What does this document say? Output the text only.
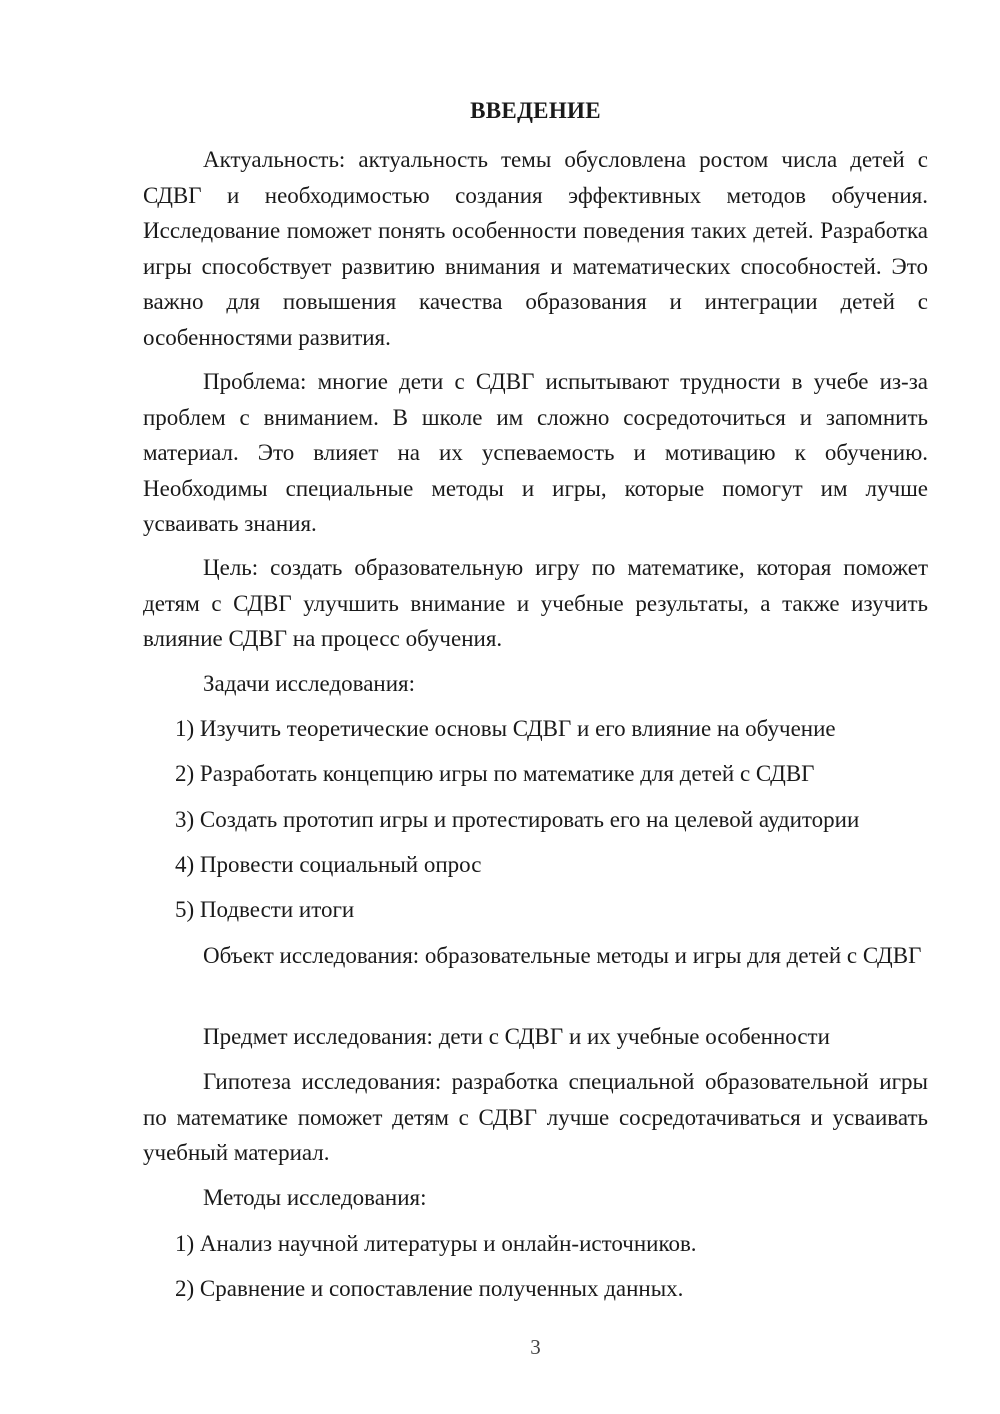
ВВЕДЕНИЕ

Актуальность: актуальность темы обусловлена ростом числа детей с СДВГ и необходимостью создания эффективных методов обучения. Исследование поможет понять особенности поведения таких детей. Разработка игры способствует развитию внимания и математических способностей. Это важно для повышения качества образования и интеграции детей с особенностями развития.

Проблема: многие дети с СДВГ испытывают трудности в учебе из-за проблем с вниманием. В школе им сложно сосредоточиться и запомнить материал. Это влияет на их успеваемость и мотивацию к обучению. Необходимы специальные методы и игры, которые помогут им лучше усваивать знания.

Цель: создать образовательную игру по математике, которая поможет детям с СДВГ улучшить внимание и учебные результаты, а также изучить влияние СДВГ на процесс обучения.

Задачи исследования:

1) Изучить теоретические основы СДВГ и его влияние на обучение

2) Разработать концепцию игры по математике для детей с СДВГ

3) Создать прототип игры и протестировать его на целевой аудитории

4) Провести социальный опрос

5) Подвести итоги

Объект исследования: образовательные методы и игры для детей с СДВГ

Предмет исследования: дети с СДВГ и их учебные особенности

Гипотеза исследования: разработка специальной образовательной игры по математике поможет детям с СДВГ лучше сосредотачиваться и усваивать учебный материал.

Методы исследования:

1) Анализ научной литературы и онлайн-источников.

2) Сравнение и сопоставление полученных данных.

3
